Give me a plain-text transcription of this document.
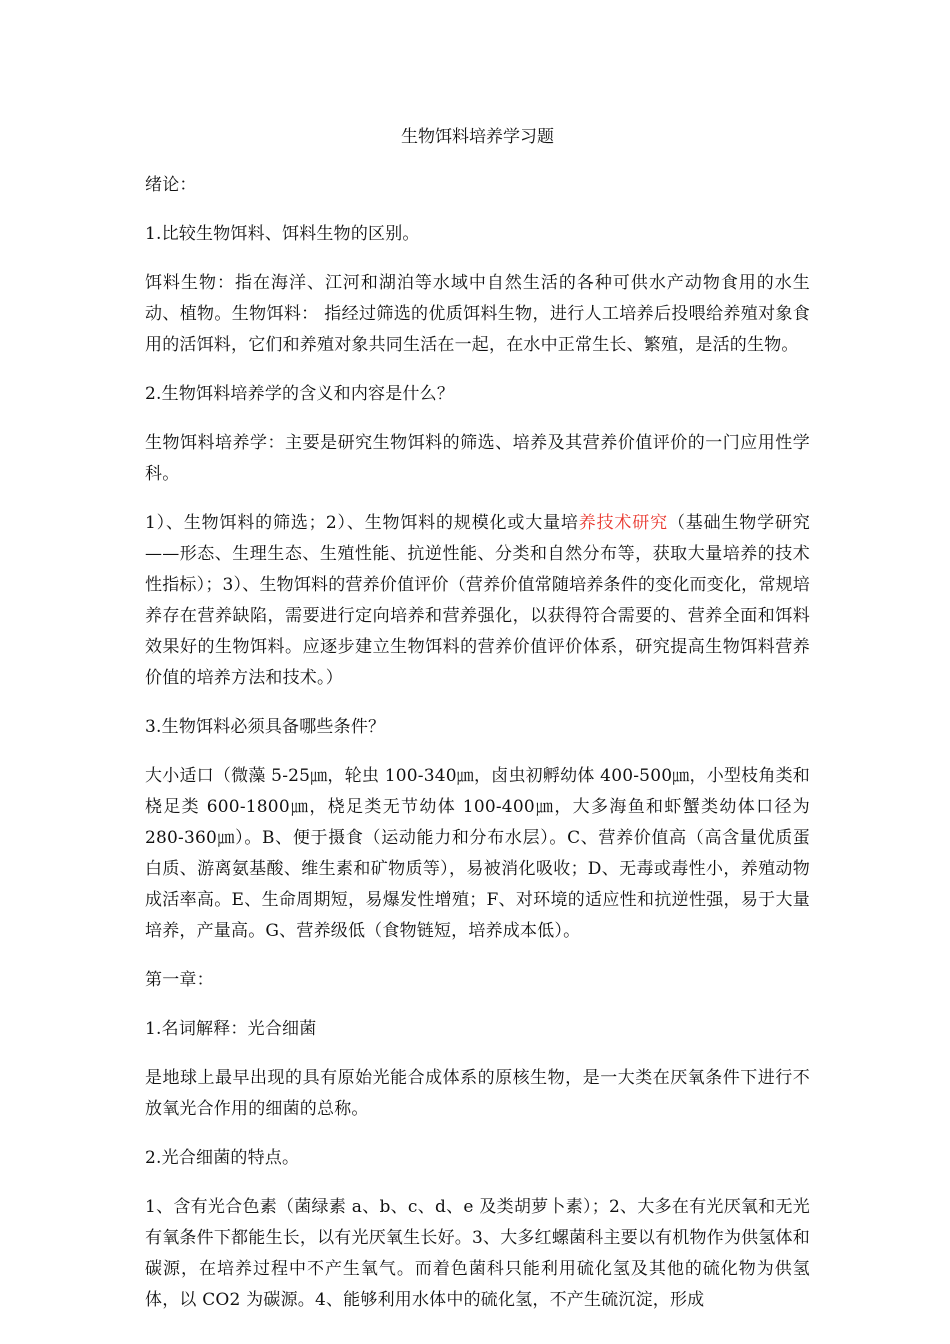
生物饵料培养学习题

绪论：

1.比较生物饵料、饵料生物的区别。

饵料生物：指在海洋、江河和湖泊等水域中自然生活的各种可供水产动物食用的水生动、植物。生物饵料： 指经过筛选的优质饵料生物，进行人工培养后投喂给养殖对象食用的活饵料，它们和养殖对象共同生活在一起，在水中正常生长、繁殖，是活的生物。

2.生物饵料培养学的含义和内容是什么？

生物饵料培养学：主要是研究生物饵料的筛选、培养及其营养价值评价的一门应用性学科。

1）、生物饵料的筛选；2）、生物饵料的规模化或大量培养技术研究（基础生物学研究——形态、生理生态、生殖性能、抗逆性能、分类和自然分布等，获取大量培养的技术性指标）；3）、生物饵料的营养价值评价（营养价值常随培养条件的变化而变化，常规培养存在营养缺陷，需要进行定向培养和营养强化，以获得符合需要的、营养全面和饵料效果好的生物饵料。应逐步建立生物饵料的营养价值评价体系，研究提高生物饵料营养价值的培养方法和技术。）

3.生物饵料必须具备哪些条件？

大小适口（微藻 5-25㎛，轮虫 100-340㎛，卤虫初孵幼体 400-500㎛，小型枝角类和桡足类 600-1800㎛，桡足类无节幼体 100-400㎛，大多海鱼和虾蟹类幼体口径为 280-360㎛）。B、便于摄食（运动能力和分布水层）。C、营养价值高（高含量优质蛋白质、游离氨基酸、维生素和矿物质等），易被消化吸收；D、无毒或毒性小，养殖动物成活率高。E、生命周期短，易爆发性增殖；F、对环境的适应性和抗逆性强，易于大量培养，产量高。G、营养级低（食物链短，培养成本低）。

第一章：

1.名词解释：光合细菌

是地球上最早出现的具有原始光能合成体系的原核生物，是一大类在厌氧条件下进行不放氧光合作用的细菌的总称。

2.光合细菌的特点。

1、含有光合色素（菌绿素 a、b、c、d、e 及类胡萝卜素）；2、大多在有光厌氧和无光有氧条件下都能生长，以有光厌氧生长好。3、大多红螺菌科主要以有机物作为供氢体和碳源，在培养过程中不产生氧气。而着色菌科只能利用硫化氢及其他的硫化物为供氢体，以 CO2 为碳源。4、能够利用水体中的硫化氢，不产生硫沉淀，形成
